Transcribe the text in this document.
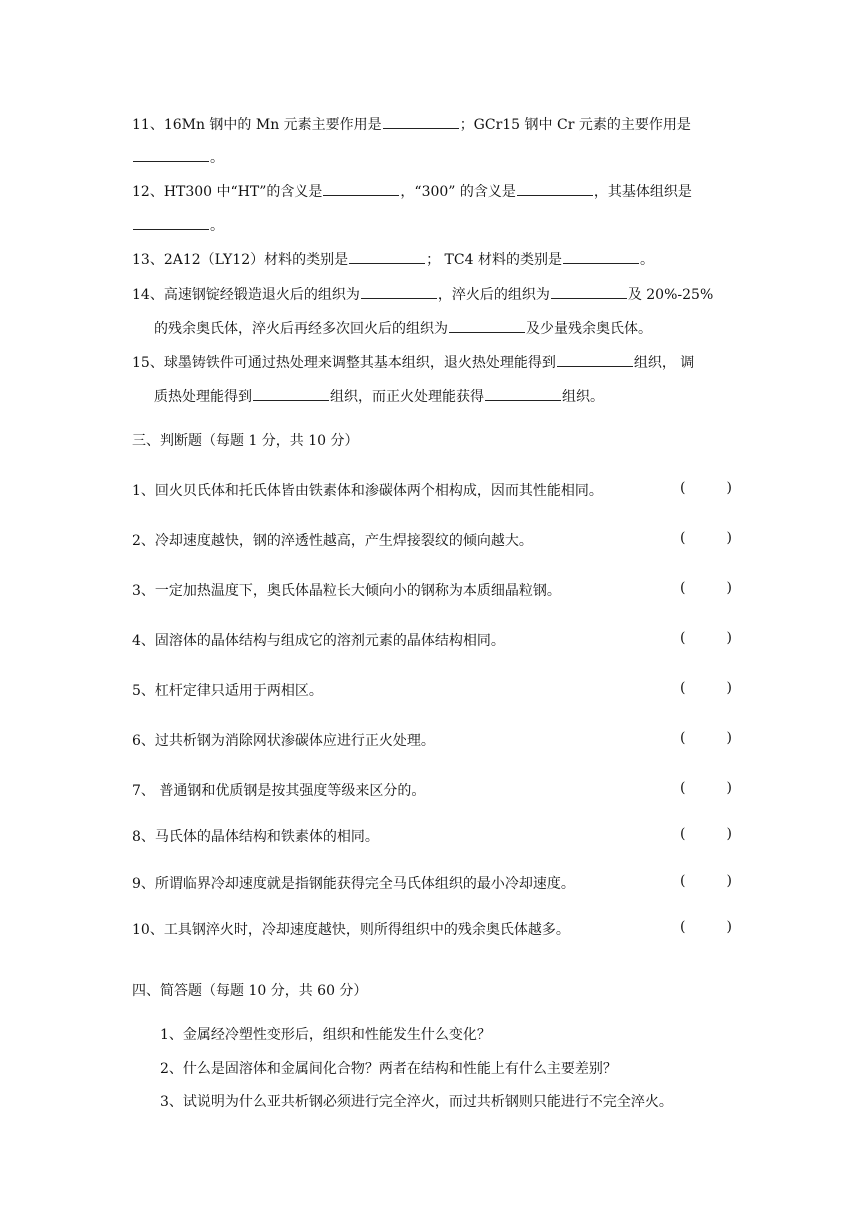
11、16Mn 钢中的 Mn 元素主要作用是	；GCr15 钢中 Cr 元素的主要作用是
。
12、HT300 中“HT”的含义是	，“300” 的含义是	，其基体组织是
。
13、2A12（LY12）材料的类别是	； TC4 材料的类别是	。
14、高速钢锭经锻造退火后的组织为	，淬火后的组织为	及 20%-25%
的残余奥氏体，淬火后再经多次回火后的组织为	及少量残余奥氏体。
15、球墨铸铁件可通过热处理来调整其基本组织，退火热处理能得到	组织， 调
质热处理能得到	组织，而正火处理能获得	组织。
三、判断题（每题 1 分，共 10 分）
1、回火贝氏体和托氏体皆由铁素体和渗碳体两个相构成，因而其性能相同。	(	)
2、冷却速度越快，钢的淬透性越高，产生焊接裂纹的倾向越大。	(	)
3、一定加热温度下，奥氏体晶粒长大倾向小的钢称为本质细晶粒钢。	(	)
4、固溶体的晶体结构与组成它的溶剂元素的晶体结构相同。	(	)
5、杠杆定律只适用于两相区。	(	)
6、过共析钢为消除网状渗碳体应进行正火处理。	(	)
7、 普通钢和优质钢是按其强度等级来区分的。	(	)
8、马氏体的晶体结构和铁素体的相同。	(	)
9、所谓临界冷却速度就是指钢能获得完全马氏体组织的最小冷却速度。	(	)
10、工具钢淬火时，冷却速度越快，则所得组织中的残余奥氏体越多。	(	)
四、简答题（每题 10 分，共 60 分）
1、金属经冷塑性变形后，组织和性能发生什么变化？
2、什么是固溶体和金属间化合物？两者在结构和性能上有什么主要差别？
3、试说明为什么亚共析钢必须进行完全淬火，而过共析钢则只能进行不完全淬火。
